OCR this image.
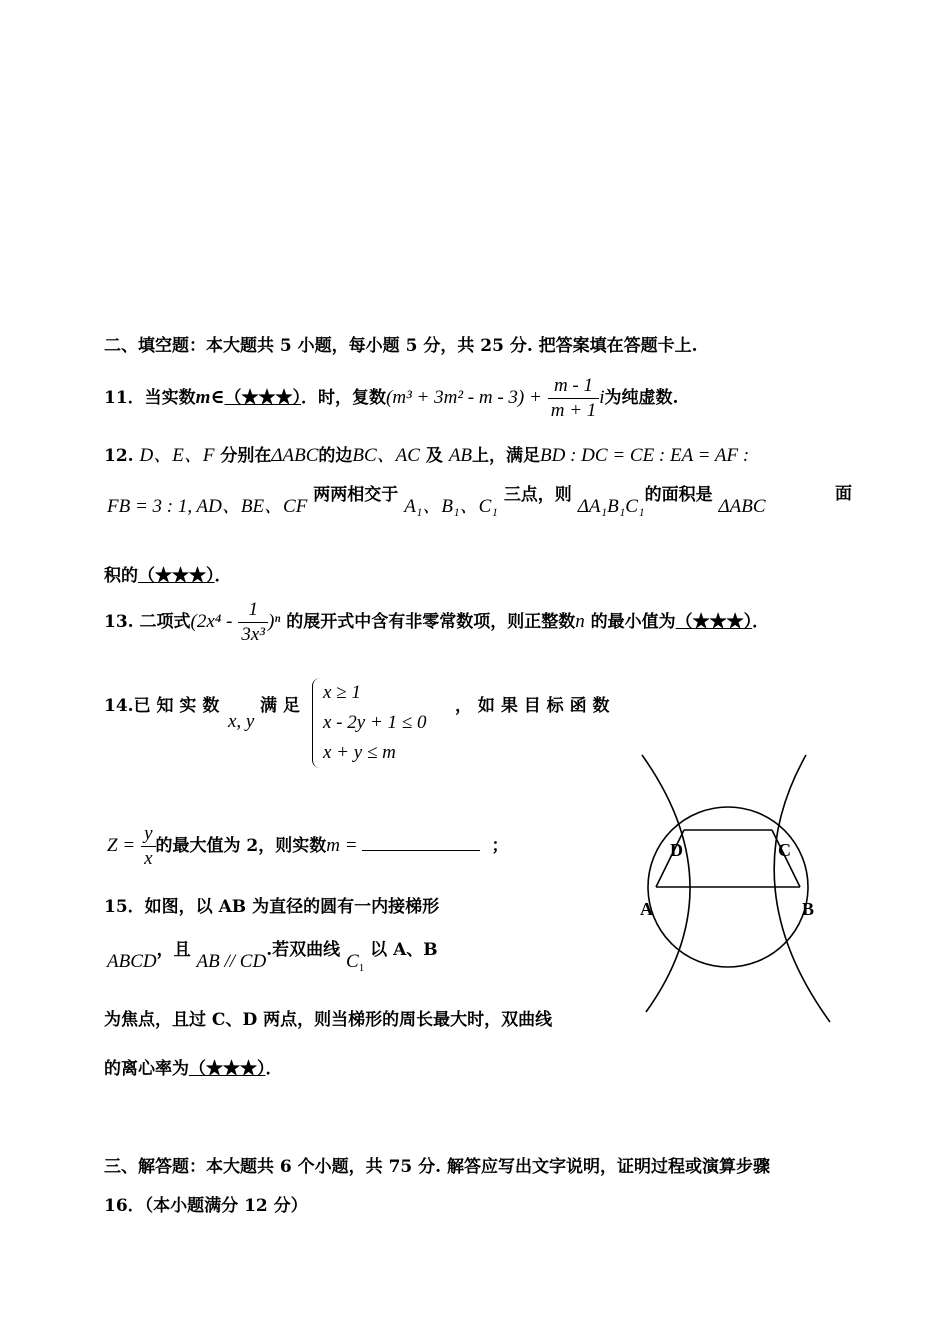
二、填空题：本大题共 5 小题，每小题 5 分，共 25 分. 把答案填在答题卡上.
11．当实数m∈（★★★）．时，复数$(m^3 + 3m^2 - m - 3) + \frac{m - 1}{m + 1}$ i为纯虚数.
12. D、E、F 分别在ΔABC的边BC、AC 及 AB上，满足BD : DC = CE : EA = AF :
FB = 3 : 1, AD、BE、CF 两两相交于 A₁、B₁、C₁ 三点，则 ΔA₁B₁C₁的面积是 ΔABC
面
积的（★★★）．
13. 二项式$(2x^4 - \frac{1}{\text{3x³}} )^n$ 的展开式中含有非零常数项，则正整数n 的最小值为（★★★）．
14.已 知 实 数
x, y
满 足
x ≥ 1
x - 2y + 1 ≤ 0
x + y ≤ m
， 如 果 目 标 函 数
$Z = \frac{y}{x}$ 的最大值为 2，则实数m =	；
15．如图，以 AB 为直径的圆有一内接梯形
ABCD，且 AB // CD.若双曲线 $C_1$ 以 A、B
为焦点，且过 C、D 两点，则当梯形的周长最大时，双曲线
的离心率为（★★★）．
D	C
A	B
三、解答题：本大题共 6 个小题，共 75 分. 解答应写出文字说明，证明过程或演算步骤
16．（本小题满分 12 分）
